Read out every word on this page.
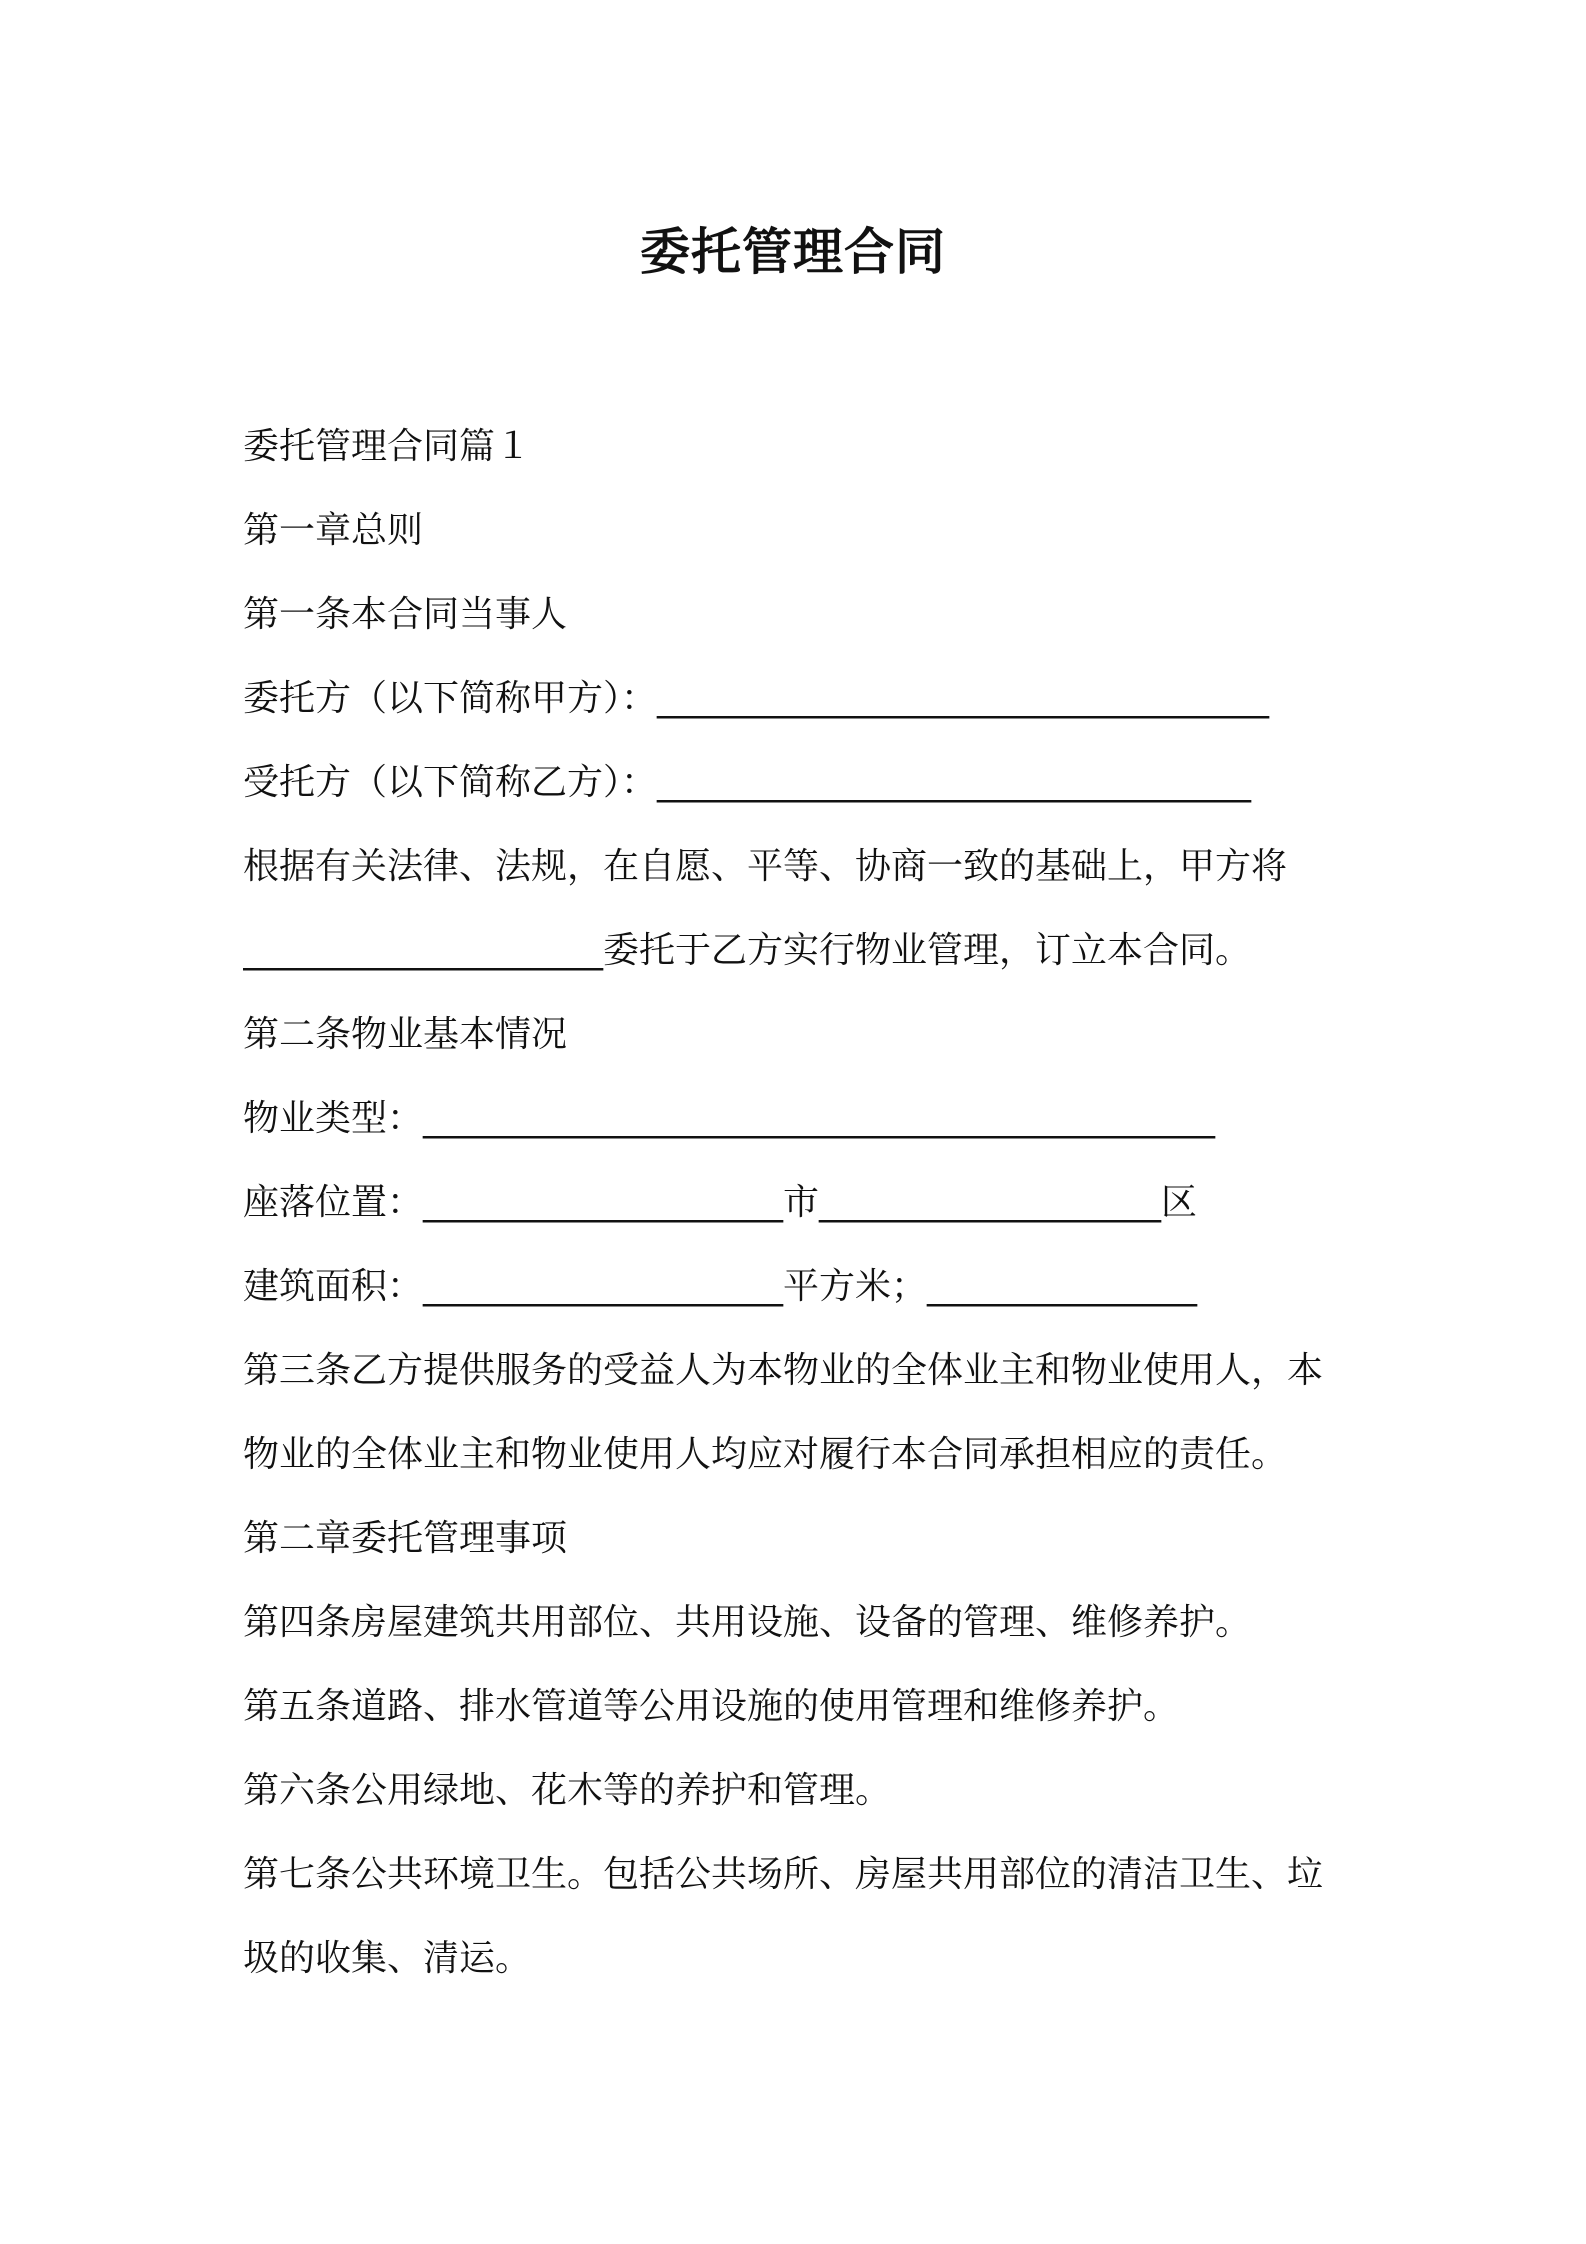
委托管理合同
委托管理合同篇１
第一章总则
第一条本合同当事人
委托方（以下简称甲方）：__________________________________
受托方（以下简称乙方）：_________________________________
根据有关法律、法规，在自愿、平等、协商一致的基础上，甲方将
____________________委托于乙方实行物业管理，订立本合同。
第二条物业基本情况
物业类型：____________________________________________
座落位置：____________________市___________________区
建筑面积：____________________平方米；_______________
第三条乙方提供服务的受益人为本物业的全体业主和物业使用人，本
物业的全体业主和物业使用人均应对履行本合同承担相应的责任。
第二章委托管理事项
第四条房屋建筑共用部位、共用设施、设备的管理、维修养护。
第五条道路、排水管道等公用设施的使用管理和维修养护。
第六条公用绿地、花木等的养护和管理。
第七条公共环境卫生。包括公共场所、房屋共用部位的清洁卫生、垃
圾的收集、清运。
